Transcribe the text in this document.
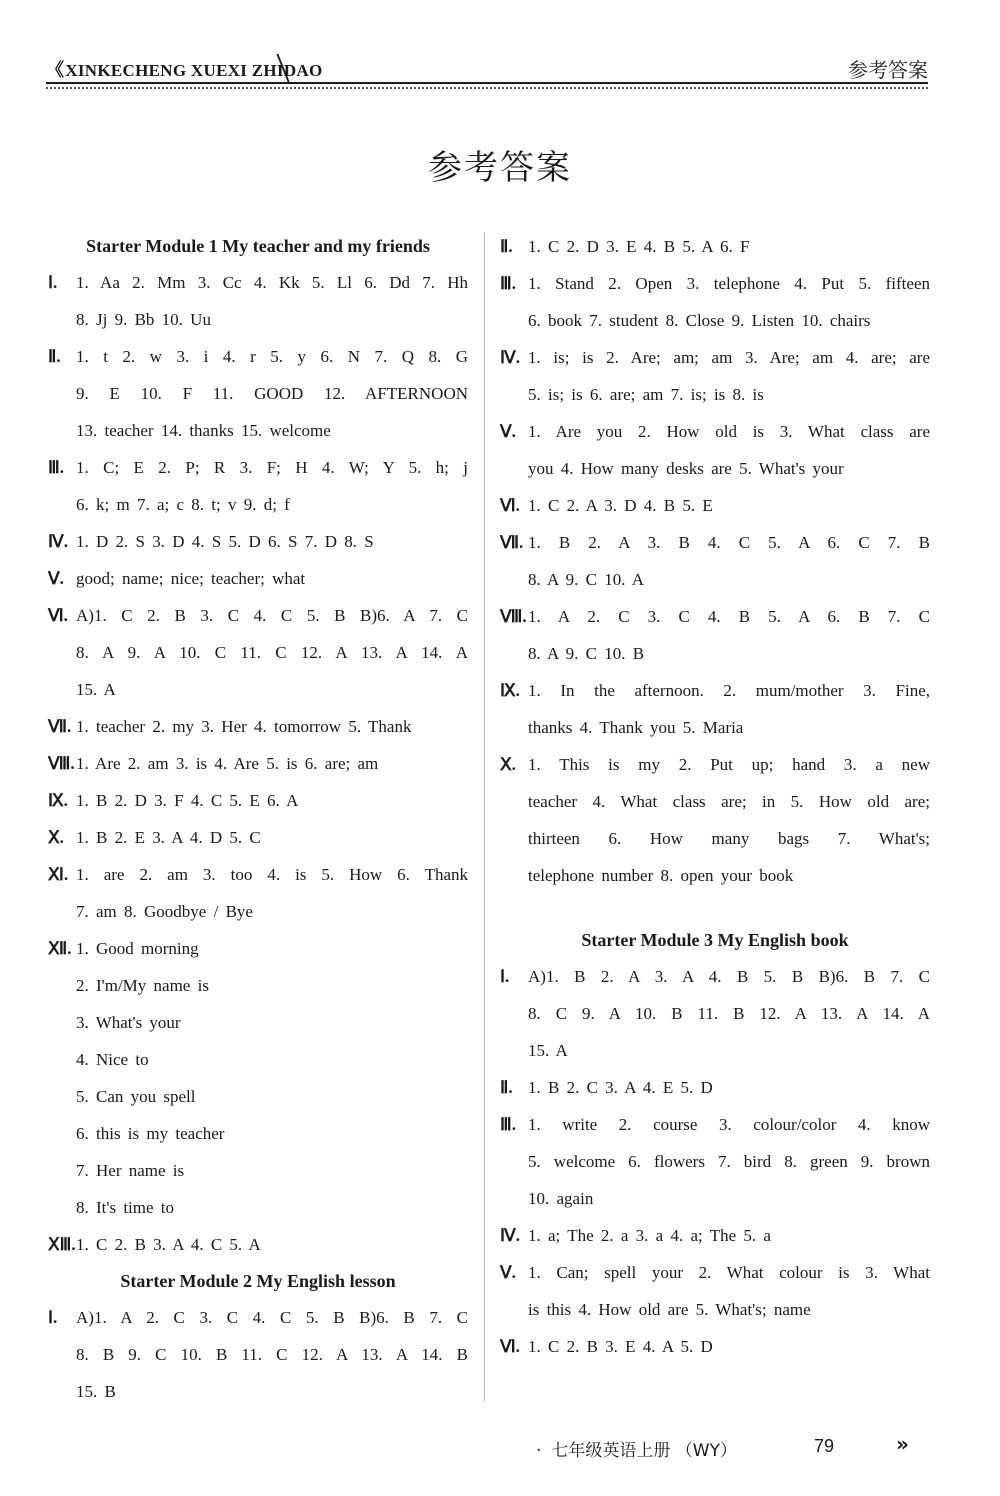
《XINKECHENG XUEXI ZHIDAO	参考答案
参考答案
Starter Module 1 My teacher and my friends
Ⅰ. 1. Aa 2. Mm 3. Cc 4. Kk 5. Ll 6. Dd 7. Hh
8. Jj 9. Bb 10. Uu
Ⅱ. 1. t 2. w 3. i 4. r 5. y 6. N 7. Q 8. G
9. E 10. F 11. GOOD 12. AFTERNOON
13. teacher 14. thanks 15. welcome
Ⅲ. 1. C; E 2. P; R 3. F; H 4. W; Y 5. h; j
6. k; m 7. a; c 8. t; v 9. d; f
Ⅳ. 1. D 2. S 3. D 4. S 5. D 6. S 7. D 8. S
Ⅴ. good; name; nice; teacher; what
Ⅵ. A)1. C 2. B 3. C 4. C 5. B B)6. A 7. C
8. A 9. A 10. C 11. C 12. A 13. A 14. A
15. A
Ⅶ. 1. teacher 2. my 3. Her 4. tomorrow 5. Thank
Ⅷ. 1. Are 2. am 3. is 4. Are 5. is 6. are; am
Ⅸ. 1. B 2. D 3. F 4. C 5. E 6. A
Ⅹ. 1. B 2. E 3. A 4. D 5. C
Ⅺ. 1. are 2. am 3. too 4. is 5. How 6. Thank
7. am 8. Goodbye / Bye
Ⅻ. 1. Good morning
2. I'm/My name is
3. What's your
4. Nice to
5. Can you spell
6. this is my teacher
7. Her name is
8. It's time to
ⅩⅢ. 1. C 2. B 3. A 4. C 5. A
Starter Module 2 My English lesson
Ⅰ. A)1. A 2. C 3. C 4. C 5. B B)6. B 7. C
8. B 9. C 10. B 11. C 12. A 13. A 14. B
15. B
Ⅱ. 1. C 2. D 3. E 4. B 5. A 6. F
Ⅲ. 1. Stand 2. Open 3. telephone 4. Put 5. fifteen
6. book 7. student 8. Close 9. Listen 10. chairs
Ⅳ. 1. is; is 2. Are; am; am 3. Are; am 4. are; are
5. is; is 6. are; am 7. is; is 8. is
Ⅴ. 1. Are you 2. How old is 3. What class are
you 4. How many desks are 5. What's your
Ⅵ. 1. C 2. A 3. D 4. B 5. E
Ⅶ. 1. B 2. A 3. B 4. C 5. A 6. C 7. B
8. A 9. C 10. A
Ⅷ. 1. A 2. C 3. C 4. B 5. A 6. B 7. C
8. A 9. C 10. B
Ⅸ. 1. In the afternoon. 2. mum/mother 3. Fine,
thanks 4. Thank you 5. Maria
Ⅹ. 1. This is my 2. Put up; hand 3. a new
teacher 4. What class are; in 5. How old are;
thirteen 6. How many bags 7. What's;
telephone number 8. open your book
Starter Module 3 My English book
Ⅰ. A)1. B 2. A 3. A 4. B 5. B B)6. B 7. C
8. C 9. A 10. B 11. B 12. A 13. A 14. A
15. A
Ⅱ. 1. B 2. C 3. A 4. E 5. D
Ⅲ. 1. write 2. course 3. colour/color 4. know
5. welcome 6. flowers 7. bird 8. green 9. brown
10. again
Ⅳ. 1. a; The 2. a 3. a 4. a; The 5. a
Ⅴ. 1. Can; spell your 2. What colour is 3. What
is this 4. How old are 5. What's; name
Ⅵ. 1. C 2. B 3. E 4. A 5. D
· 七年级英语上册 （WY）	79	»
